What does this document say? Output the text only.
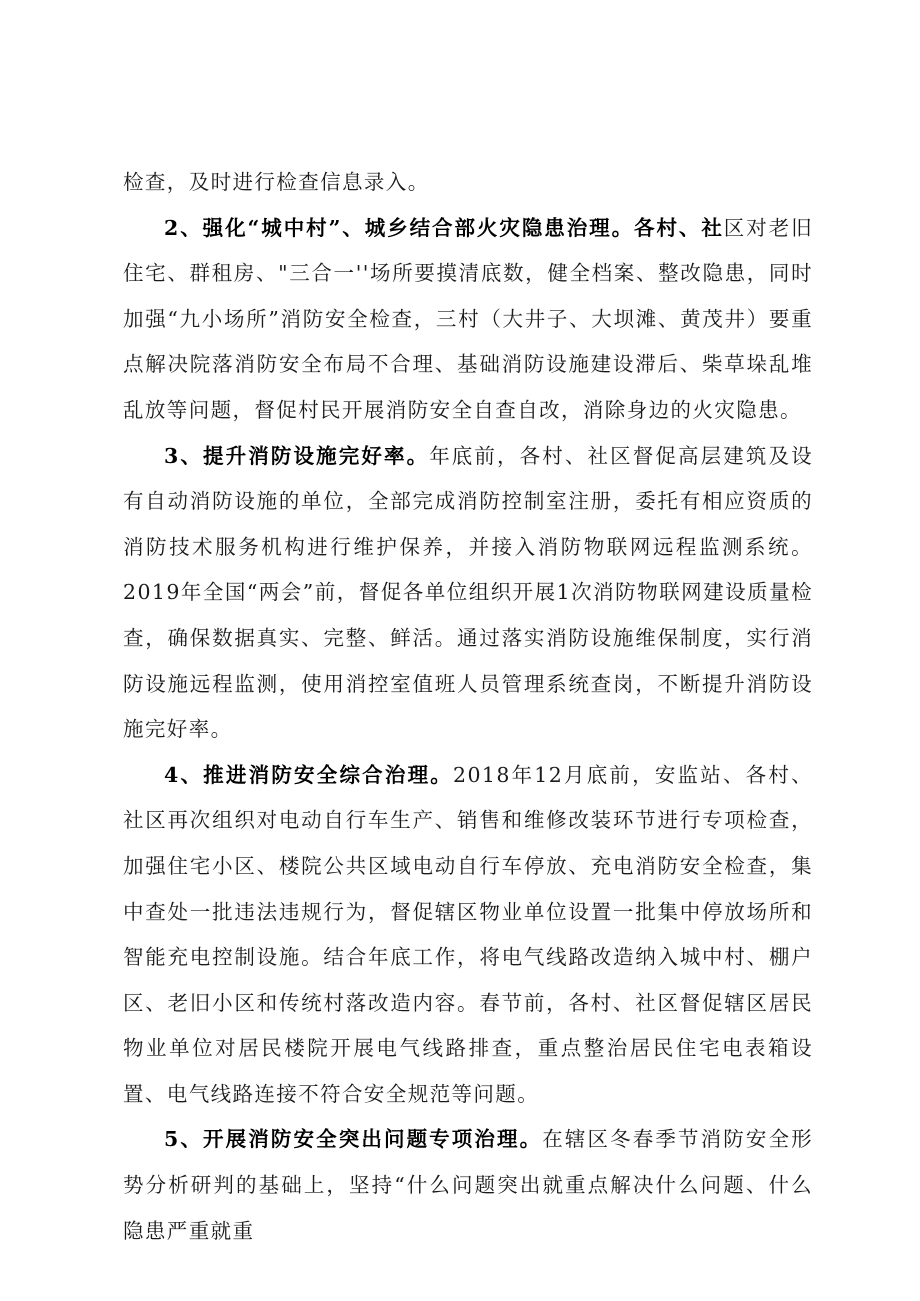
检查，及时进行检查信息录入。

2、强化“城中村”、城乡结合部火灾隐患治理。各村、社区对老旧住宅、群租房、"三合一''场所要摸清底数，健全档案、整改隐患，同时加强“九小场所”消防安全检查，三村（大井子、大坝滩、黄茂井）要重点解决院落消防安全布局不合理、基础消防设施建设滞后、柴草垛乱堆乱放等问题，督促村民开展消防安全自查自改，消除身边的火灾隐患。

3、提升消防设施完好率。年底前，各村、社区督促高层建筑及设有自动消防设施的单位，全部完成消防控制室注册，委托有相应资质的消防技术服务机构进行维护保养，并接入消防物联网远程监测系统。2019年全国“两会”前，督促各单位组织开展1次消防物联网建设质量检查，确保数据真实、完整、鲜活。通过落实消防设施维保制度，实行消防设施远程监测，使用消控室值班人员管理系统查岗，不断提升消防设施完好率。

4、推进消防安全综合治理。2018年12月底前，安监站、各村、社区再次组织对电动自行车生产、销售和维修改装环节进行专项检查，加强住宅小区、楼院公共区域电动自行车停放、充电消防安全检查，集中查处一批违法违规行为，督促辖区物业单位设置一批集中停放场所和智能充电控制设施。结合年底工作，将电气线路改造纳入城中村、棚户区、老旧小区和传统村落改造内容。春节前，各村、社区督促辖区居民物业单位对居民楼院开展电气线路排查，重点整治居民住宅电表箱设置、电气线路连接不符合安全规范等问题。

5、开展消防安全突出问题专项治理。在辖区冬春季节消防安全形势分析研判的基础上，坚持“什么问题突出就重点解决什么问题、什么隐患严重就重
